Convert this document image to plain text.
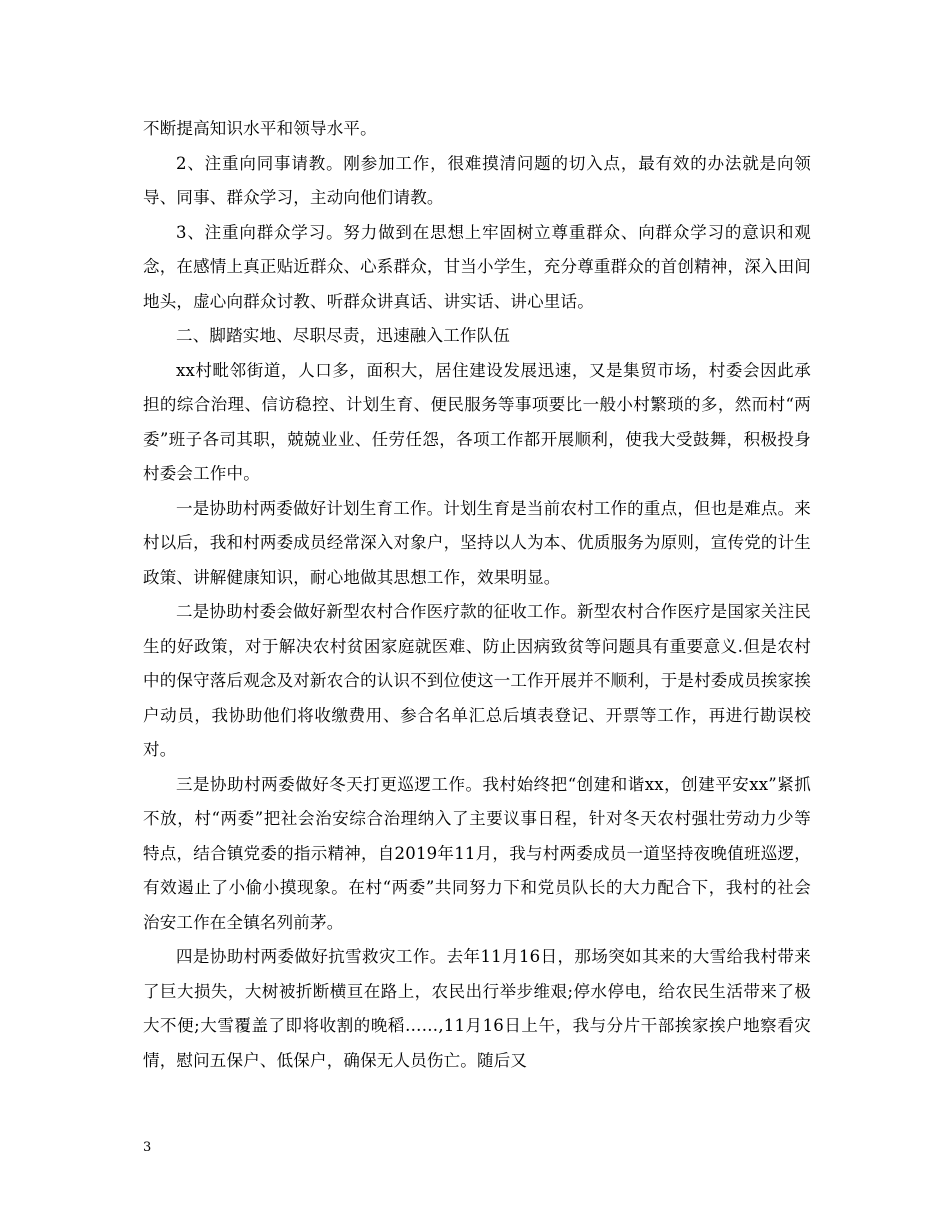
不断提高知识水平和领导水平。

2、注重向同事请教。刚参加工作，很难摸清问题的切入点，最有效的办法就是向领导、同事、群众学习，主动向他们请教。

3、注重向群众学习。努力做到在思想上牢固树立尊重群众、向群众学习的意识和观念，在感情上真正贴近群众、心系群众，甘当小学生，充分尊重群众的首创精神，深入田间地头，虚心向群众讨教、听群众讲真话、讲实话、讲心里话。

二、脚踏实地、尽职尽责，迅速融入工作队伍

xx村毗邻街道，人口多，面积大，居住建设发展迅速，又是集贸市场，村委会因此承担的综合治理、信访稳控、计划生育、便民服务等事项要比一般小村繁琐的多，然而村“两委”班子各司其职，兢兢业业、任劳任怨，各项工作都开展顺利，使我大受鼓舞，积极投身村委会工作中。

一是协助村两委做好计划生育工作。计划生育是当前农村工作的重点，但也是难点。来村以后，我和村两委成员经常深入对象户，坚持以人为本、优质服务为原则，宣传党的计生政策、讲解健康知识，耐心地做其思想工作，效果明显。

二是协助村委会做好新型农村合作医疗款的征收工作。新型农村合作医疗是国家关注民生的好政策，对于解决农村贫困家庭就医难、防止因病致贫等问题具有重要意义.但是农村中的保守落后观念及对新农合的认识不到位使这一工作开展并不顺利，于是村委成员挨家挨户动员，我协助他们将收缴费用、参合名单汇总后填表登记、开票等工作，再进行勘误校对。

三是协助村两委做好冬天打更巡逻工作。我村始终把“创建和谐xx，创建平安xx”紧抓不放，村“两委”把社会治安综合治理纳入了主要议事日程，针对冬天农村强壮劳动力少等特点，结合镇党委的指示精神，自2019年11月，我与村两委成员一道坚持夜晚值班巡逻，有效遏止了小偷小摸现象。在村“两委”共同努力下和党员队长的大力配合下，我村的社会治安工作在全镇名列前茅。

四是协助村两委做好抗雪救灾工作。去年11月16日，那场突如其来的大雪给我村带来了巨大损失，大树被折断横亘在路上，农民出行举步维艰;停水停电，给农民生活带来了极大不便;大雪覆盖了即将收割的晚稻……,11月16日上午，我与分片干部挨家挨户地察看灾情，慰问五保户、低保户，确保无人员伤亡。随后又

3
